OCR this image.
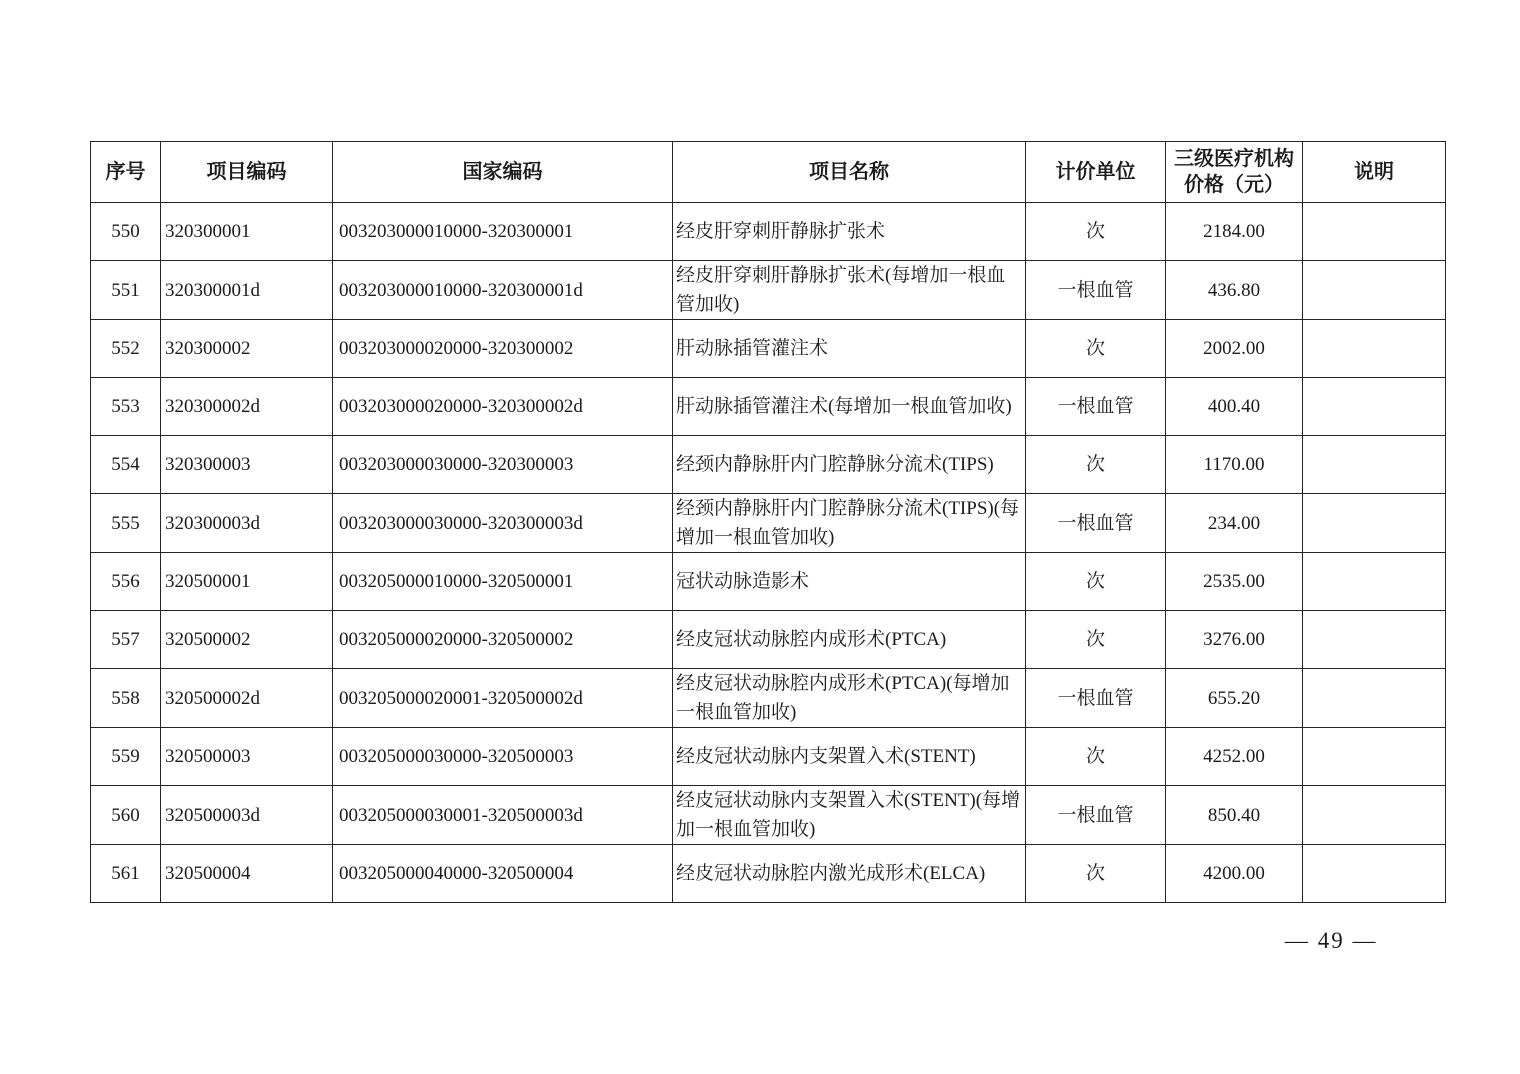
序号	项目编码	国家编码	项目名称	计价单位	三级医疗机构价格（元）	说明
550	320300001	003203000010000-320300001	经皮肝穿刺肝静脉扩张术	次	2184.00	
551	320300001d	003203000010000-320300001d	经皮肝穿刺肝静脉扩张术(每增加一根血管加收)	一根血管	436.80	
552	320300002	003203000020000-320300002	肝动脉插管灌注术	次	2002.00	
553	320300002d	003203000020000-320300002d	肝动脉插管灌注术(每增加一根血管加收)	一根血管	400.40	
554	320300003	003203000030000-320300003	经颈内静脉肝内门腔静脉分流术(TIPS)	次	1170.00	
555	320300003d	003203000030000-320300003d	经颈内静脉肝内门腔静脉分流术(TIPS)(每增加一根血管加收)	一根血管	234.00	
556	320500001	003205000010000-320500001	冠状动脉造影术	次	2535.00	
557	320500002	003205000020000-320500002	经皮冠状动脉腔内成形术(PTCA)	次	3276.00	
558	320500002d	003205000020001-320500002d	经皮冠状动脉腔内成形术(PTCA)(每增加一根血管加收)	一根血管	655.20	
559	320500003	003205000030000-320500003	经皮冠状动脉内支架置入术(STENT)	次	4252.00	
560	320500003d	003205000030001-320500003d	经皮冠状动脉内支架置入术(STENT)(每增加一根血管加收)	一根血管	850.40	
561	320500004	003205000040000-320500004	经皮冠状动脉腔内激光成形术(ELCA)	次	4200.00	
— 49 —
